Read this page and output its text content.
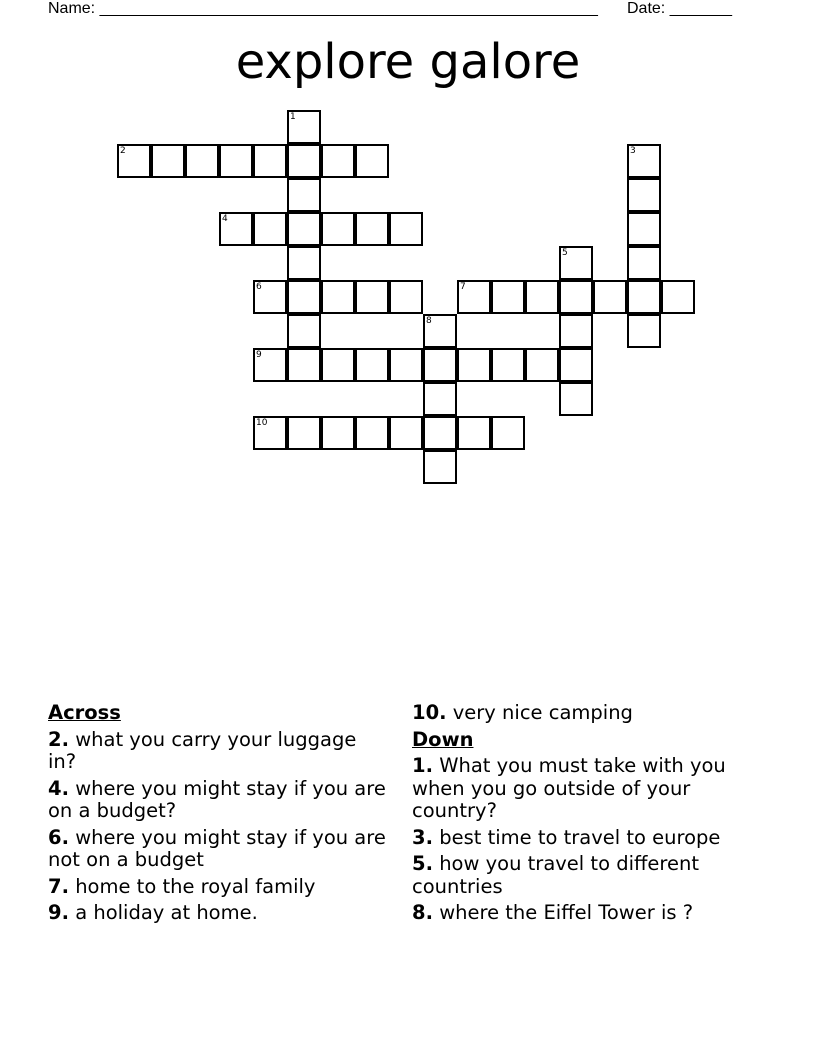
Name: ________________________________________________________ Date: _______
explore galore
1
2	3
4
5
6	7
8
9
10
Across
2. what you carry your luggage in?
4. where you might stay if you are on a budget?
6. where you might stay if you are not on a budget
7. home to the royal family
9. a holiday at home.
10. very nice camping
Down
1. What you must take with you when you go outside of your country?
3. best time to travel to europe
5. how you travel to different countries
8. where the Eiffel Tower is ?
